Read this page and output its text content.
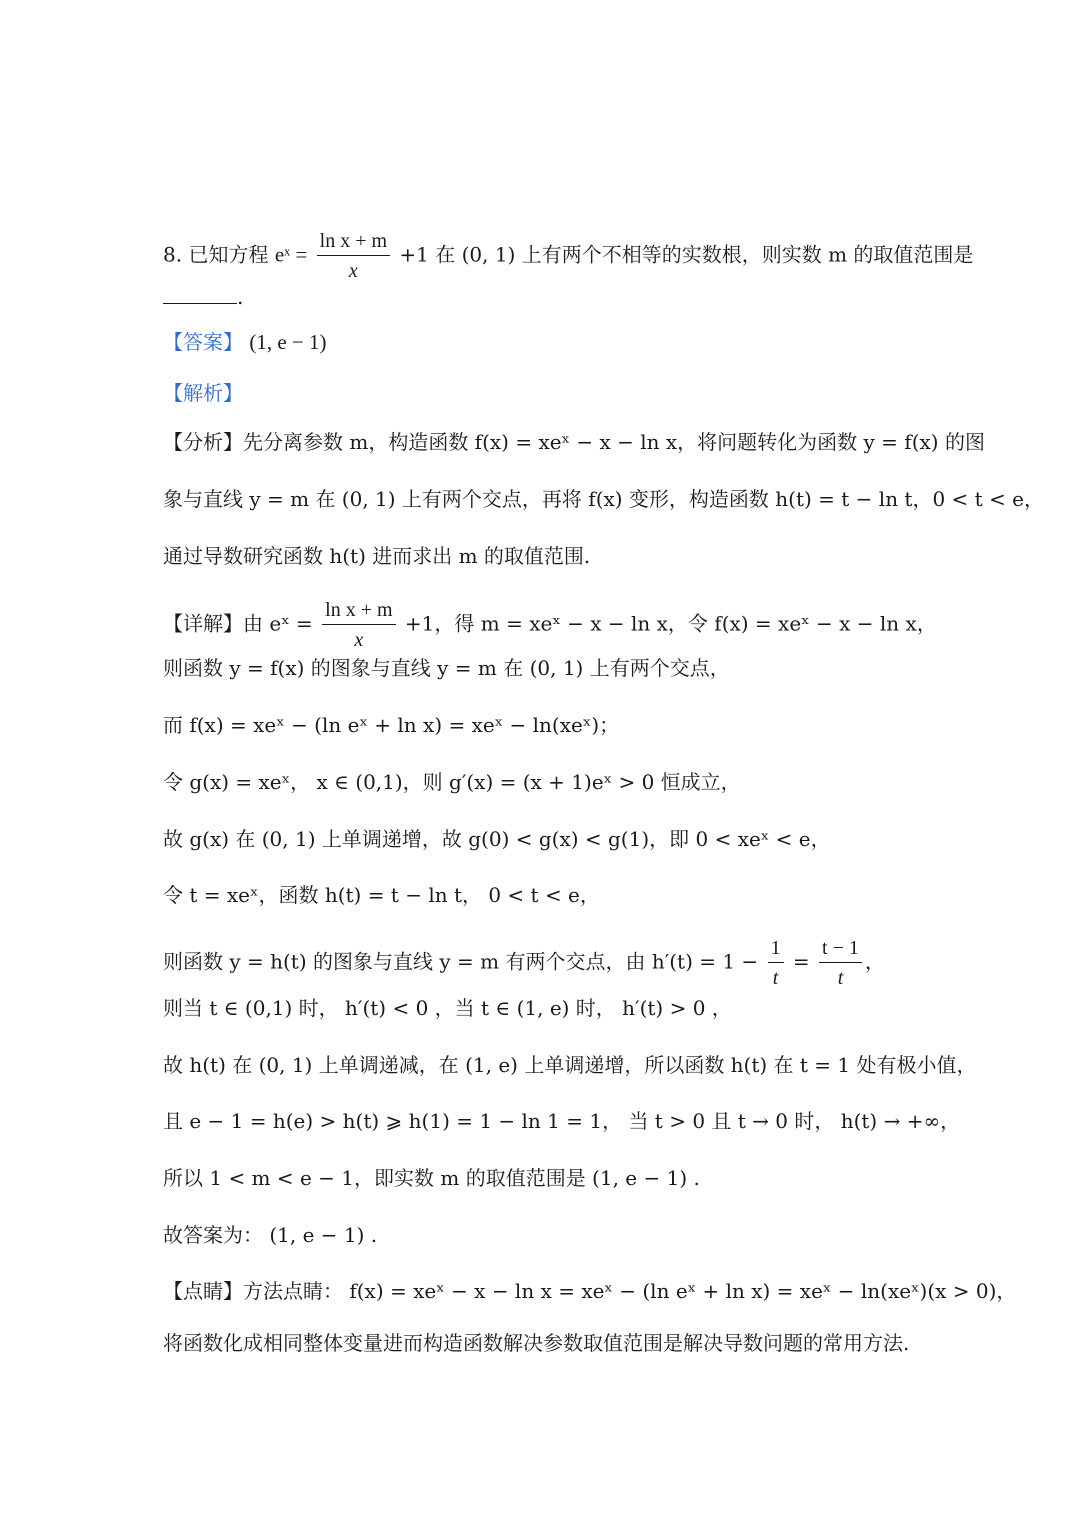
8. 已知方程 eˣ = $\frac{\text{ln x + m}}{x} +1$ 在 (0, 1) 上有两个不相等的实数根，则实数 m 的取值范围是
.
【答案】 (1, e − 1)
【解析】
【分析】先分离参数 m，构造函数 f(x) = xeˣ − x − ln x，将问题转化为函数 y = f(x) 的图
象与直线 y = m 在 (0, 1) 上有两个交点，再将 f(x) 变形，构造函数 h(t) = t − ln t，0 < t < e，
通过导数研究函数 h(t) 进而求出 m 的取值范围.
【详解】由 eˣ = $\frac{\text{ln x + m}}{x} +1$，得 m = xeˣ − x − ln x，令 f(x) = xeˣ − x − ln x，
则函数 y = f(x) 的图象与直线 y = m 在 (0, 1) 上有两个交点，
而 f(x) = xeˣ − (ln eˣ + ln x) = xeˣ − ln(xeˣ)；
令 g(x) = xeˣ， x ∈ (0,1)，则 g′(x) = (x + 1)eˣ > 0 恒成立，
故 g(x) 在 (0, 1) 上单调递增，故 g(0) < g(x) < g(1)，即 0 < xeˣ < e，
令 t = xeˣ，函数 h(t) = t − ln t， 0 < t < e，
则函数 y = h(t) 的图象与直线 y = m 有两个交点，由 $h'(t) = 1 - \frac{1}{t} = \frac{t - 1}{t}$ ，
则当 t ∈ (0,1) 时， h′(t) < 0 ，当 t ∈ (1, e) 时， h′(t) > 0 ，
故 h(t) 在 (0, 1) 上单调递减，在 (1, e) 上单调递增，所以函数 h(t) 在 t = 1 处有极小值，
且 e − 1 = h(e) > h(t) ⩾ h(1) = 1 − ln 1 = 1， 当 t > 0 且 t → 0 时， h(t) → +∞，
所以 1 < m < e − 1，即实数 m 的取值范围是 (1, e − 1) .
故答案为： (1, e − 1) .
【点睛】方法点睛： f(x) = xeˣ − x − ln x = xeˣ − (ln eˣ + ln x) = xeˣ − ln(xeˣ)(x > 0)，
将函数化成相同整体变量进而构造函数解决参数取值范围是解决导数问题的常用方法.
